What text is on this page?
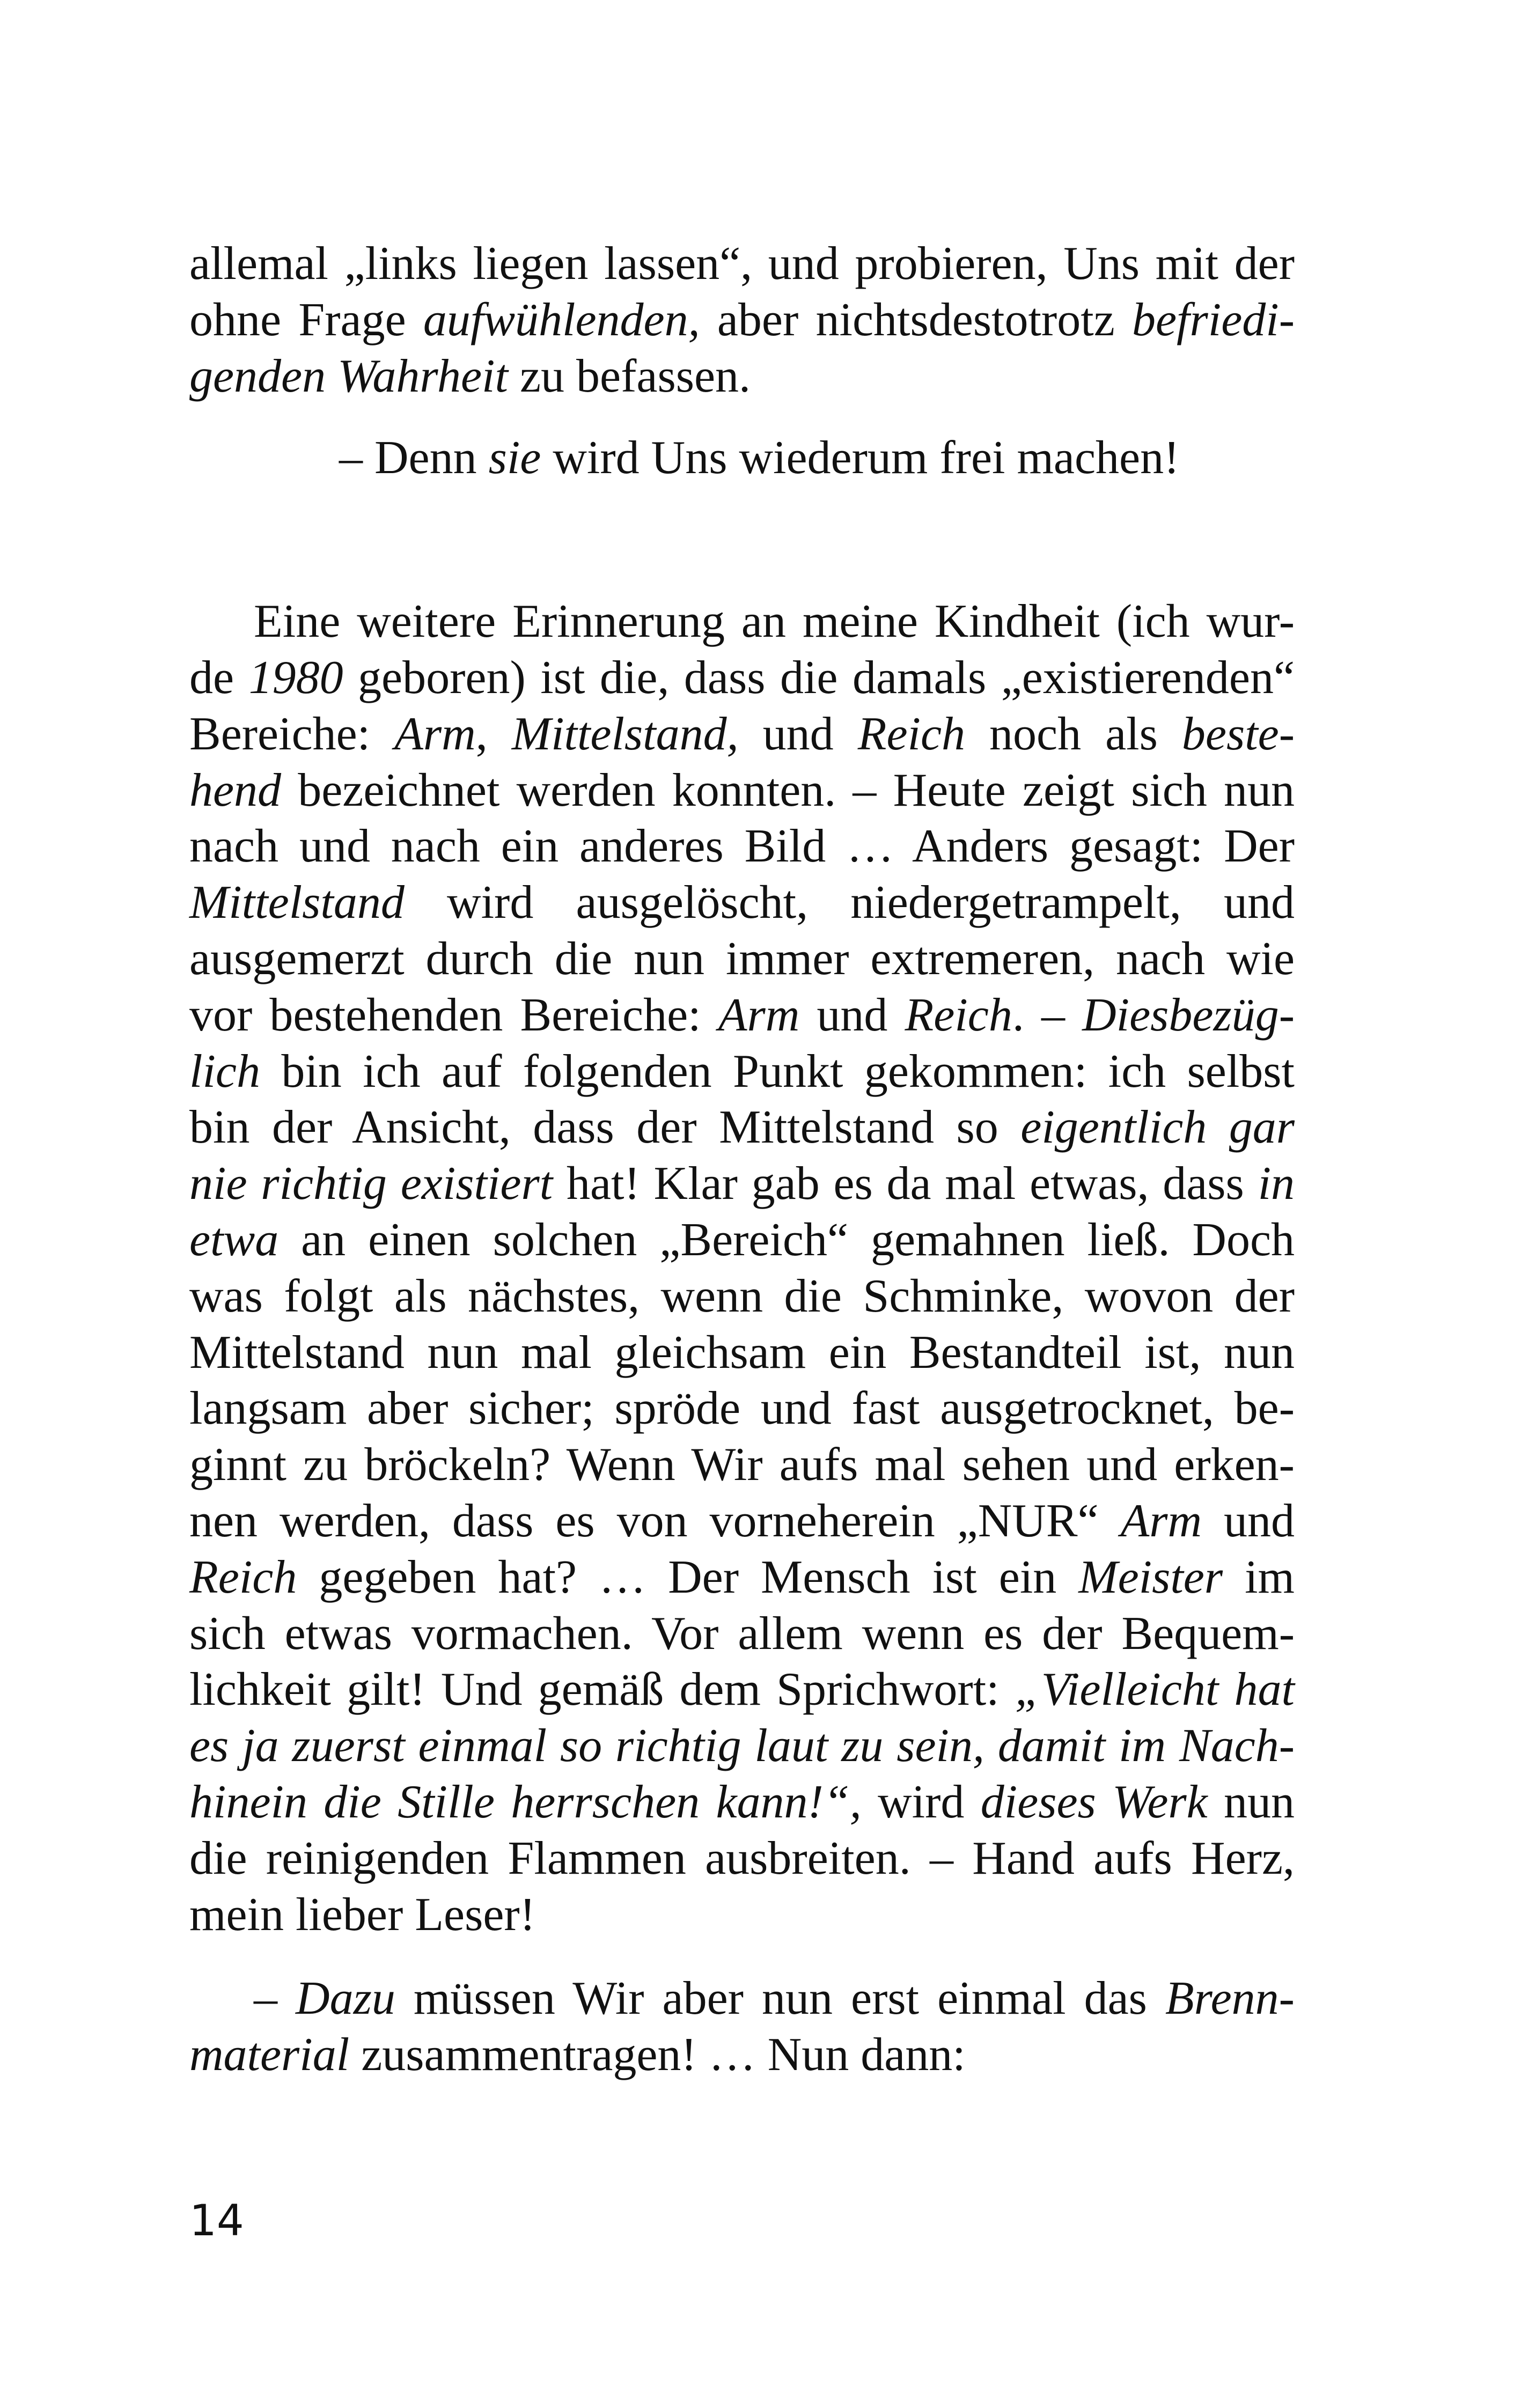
allemal „links liegen lassen“, und probieren, Uns mit der
ohne Frage aufwühlenden, aber nichtsdestotrotz befriedi-
genden Wahrheit zu befassen.
– Denn sie wird Uns wiederum frei machen!
Eine weitere Erinnerung an meine Kindheit (ich wur-
de 1980 geboren) ist die, dass die damals „existierenden“
Bereiche: Arm, Mittelstand, und Reich noch als beste-
hend bezeichnet werden konnten. – Heute zeigt sich nun
nach und nach ein anderes Bild … Anders gesagt: Der
Mittelstand wird ausgelöscht, niedergetrampelt, und
ausgemerzt durch die nun immer extremeren, nach wie
vor bestehenden Bereiche: Arm und Reich. – Diesbezüg-
lich bin ich auf folgenden Punkt gekommen: ich selbst
bin der Ansicht, dass der Mittelstand so eigentlich gar
nie richtig existiert hat! Klar gab es da mal etwas, dass in
etwa an einen solchen „Bereich“ gemahnen ließ. Doch
was folgt als nächstes, wenn die Schminke, wovon der
Mittelstand nun mal gleichsam ein Bestandteil ist, nun
langsam aber sicher; spröde und fast ausgetrocknet, be-
ginnt zu bröckeln? Wenn Wir aufs mal sehen und erken-
nen werden, dass es von vorneherein „NUR“ Arm und
Reich gegeben hat? … Der Mensch ist ein Meister im
sich etwas vormachen. Vor allem wenn es der Bequem-
lichkeit gilt! Und gemäß dem Sprichwort: „Vielleicht hat
es ja zuerst einmal so richtig laut zu sein, damit im Nach-
hinein die Stille herrschen kann!“, wird dieses Werk nun
die reinigenden Flammen ausbreiten. – Hand aufs Herz,
mein lieber Leser!
– Dazu müssen Wir aber nun erst einmal das Brenn-
material zusammentragen! … Nun dann:
14
